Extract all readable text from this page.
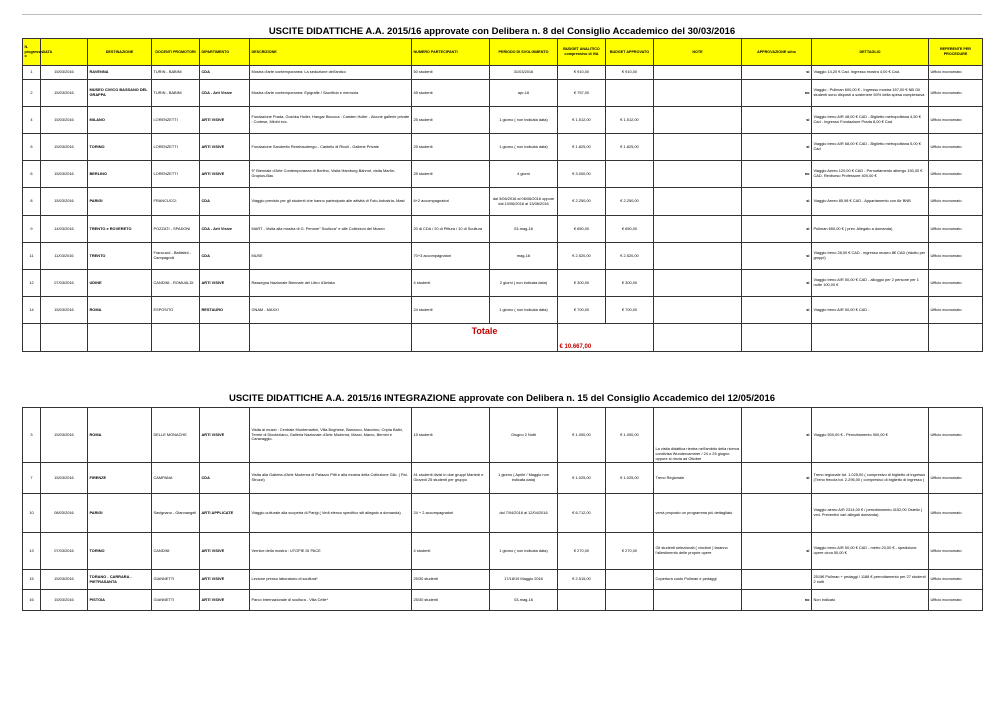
USCITE DIDATTICHE A.A. 2015/16 approvate con Delibera n. 8 del Consiglio Accademico del 30/03/2016
N. progressiv o	DATA	DESTINAZIONE	DOCENTI PROMOTORI	DIPARTIMENTO	DESCRIZIONE	NUMERO PARTECIPANTI	PERIODO DI SVOLGIMENTO	BUDGET ANALITICO comprensivo di IVA	BUDGET APPROVATO	NOTE	APPROVAZIONE si/no	DETTAGLIO	REFERENTE PER PROCEDURE
1	15/03/2016	RAVENNA	TURIN - BABINI	CDA	Mostra d'arte contemporanea: La seduzione dell'antico	50 studenti	31/03/2016	€ 910,00	€ 910,00		si	Viaggio 14,20 € Cad. Ingresso mostra 4,00 € Cad.	Ufficio economato
2	15/03/2016	MUSEO CIVICO BASSANO DEL GRAPPA	TURIN - BABINI	CDA - Arti Visive	Mostra d'arte contemporanea: Epigrafie / Sacrificio e memoria	45 studenti	apr-16	€ 757,00			no	Viaggio : Pullman 600,00 € - Ingresso mostra 157,00 € NB Gli studenti sono disposti a sostenere 50% della spesa complessiva	Ufficio economato
4	15/03/2016	MILANO	LORENZETTI	ARTI VISIVE	Fondazione Prada, Goshka Holler, Hangar Bicocca : Carsten Holler - Alcune gallerie private : Cortese, Minini ecc.	25 studenti	1 giorno ( non indicata data)	€ 1.512,00	€ 1.512,00		si	Viaggio treno A/R 48,00 € CAD - Biglietto metropolitana 4,50 € Cad - Ingresso Fondazione Prada 8,00 € Cad	Ufficio economato
5	15/03/2016	TORINO	LORENZETTI	ARTI VISIVE	Fondazione Sandretto Rerebaudengo - Castello di Rivoli - Gallerie Private	25 studenti	1 giorno ( non indicata data)	€ 1.825,00	€ 1.825,00		si	Viaggio treno A/R 68,00 € CAD - Biglietto metropolitana 5,00 € Cad	Ufficio economato
6	15/03/2016	BERLINO	LORENZETTI	ARTI VISIVE	9° Biennale d'Arte Contemporanea di Berlino, Visita Hamburg Bahnof, visita Martin-Gropius-Bau	25 studenti	4 giorni	€ 3.000,00			no	Viaggio Aereo 120,00 € CAD - Pernottamento albergo 150,00 € CAD. Rimborso Professore 400,00 €	Ufficio economato
8	15/03/2016	PARIGI	FRANCUCCI	CDA	Viaggio previsto per gli studenti che hanno partecipato alle attività di Foto-Industria- Mast	6+2 accompagnatori	dal 3/06/2016 al 06/06/2016 oppure dal 10/06/2016 al 13/06/2016	€ 2.250,00	€ 2.250,00		si	Viaggio Aereo 85,98 € CAD - Appartamento con Air BNB	Ufficio economato
9	14/03/2016	TRENTO e ROVERETO	POZZATI - SPADONI	CDA - Arti Visive	MART - Visita alla mostra di G. Penone" Scultura" e alle Collezioni del Museo	20 di CDA / 20 di Pittura / 10 di Scultura	03-mag-16	€ 650,00	€ 650,00		si	Pullman 650,00 € ( prev. Allegato a domanda)	Ufficio economato
11	11/03/2016	TRENTO	Francucci - Battistini - Campagnoli	CDA	MUSE	70+3 accompagnatori	mag-16	€ 2.520,00	€ 2.520,00		si	Viaggio treno 28,00 € CAD - ingresso museo 8€ CAD (ridotto per gruppi)	Ufficio economato
12	07/03/2016	UDINE	CANDINI - ROMUALDI	ARTI VISIVE	Rassegna Nazionale Biennale del Libro d'Artista	4 studenti	2 giorni ( non indicata data)	€ 300,00	€ 300,00		si	Viaggio treno A/R 50,00 € CAD - alloggio per 2 persone per 1 notte 100,00 €	Ufficio economato
14	15/03/2016	ROMA	ESPOSITO	RESTAURO	GNAM - MAXXI	24 studenti	1 giorno ( non indicata data)	€ 700,00	€ 700,00		si	Viaggio treno A/R 50,00 € CAD -	Ufficio economato
						Totale		€ 10.667,00					
USCITE DIDATTICHE A.A. 2015/16 INTEGRAZIONE approvate con Delibera n. 15 del Consiglio Accademico del 12/05/2016
3	15/03/2016	ROMA	DELLE MONACHE	ARTI VISIVE	Visita ai musei : Centrale Montemartini, Villa Boghese, Barracco, Maccimo, Cripta Balbi, Terme di Diocleziano, Galleria Nazionale d'Arte Moderna, Maxxi, Macro, Bernini e Caravaggio.	15 studenti	Giugno 2 Notti	€ 1.000,00	€ 1.000,00	La visita didattica rientra nell'ambito della ricerca condivisa Wundercammer / 24 o 25 giugno oppure si rinvia ad Ottobre	si	Viaggio 500,00 € - Pernottamento 500,00 €	Ufficio economato
7	15/03/2016	FIRENZE	CAMPANA	CDA	Visita alla Galleria d'Arte Moderna di Palazzo Pitti e alla mostra della Collezione Gilc. ( Pal. Strozzi)	41 studenti divisi in due gruppi Martedì e Giovedì 25 studenti per gruppo	1 giorno ( Aprile / Maggio non indicata data)	€ 1.025,00	€ 1.025,00	Treno Regionale	si	Treno regionale tot. 1.025,00 ( compresivo di biglietto di ingresso (Treno freccia tot. 2.296,00 ( compresivo di biglietto di ingresso )	Ufficio economato
10	08/03/2016	PARIGI	Savignano - Giannangeli	ARTI APPLICATE	Viaggio culturale alla scoperta di Parigi ( Vedi elenco specifico siti allegato a domanda)	24 + 2 accompagnatori	dal 7/04/2016 al 12/04/2016	€ 6.712,00		verrà proposto un programma più dettagliato		Viaggio aereo A/R 2314,00 € / pernottamento 4152,00 Ostello ( ved. Preventivi vari allegati domanda)	Ufficio economato
13	07/03/2016	TORINO	CANDINI	ARTI VISIVE	Vernice della mostra : UTOPIE DI PACE	4 studenti	1 giorno ( non indicata data)	€ 270,00	€ 270,00	Gli studenti selezionati ( vincitori ) faranno l'allestimento delle proprie opere	si	Viaggio treno A/R 50,00 € CAD - metro 20,00 € - spedizione opere circa 50,00 €	Ufficio economato
15	15/03/2016	TORANO - CARRARA - PIETRASANTA	GIANNETTI	ARTI VISIVE	Lezione presso laboratorio di scultura*	25/30 studenti	17/18/19 Maggio 2016	€ 2.515,00		Copertura costo Pullman e pedaggi		2515€ Pullman + pedaggi / 1188 € pernottamento per 27 studenti 2 notti	Ufficio economato
16	15/03/2016	PISTOIA	GIANNETTI	ARTI VISIVE	Parco internazionale di scultura - Villa Celle*	25/30 studenti	03-mag-16				no	Non indicato	Ufficio economato
